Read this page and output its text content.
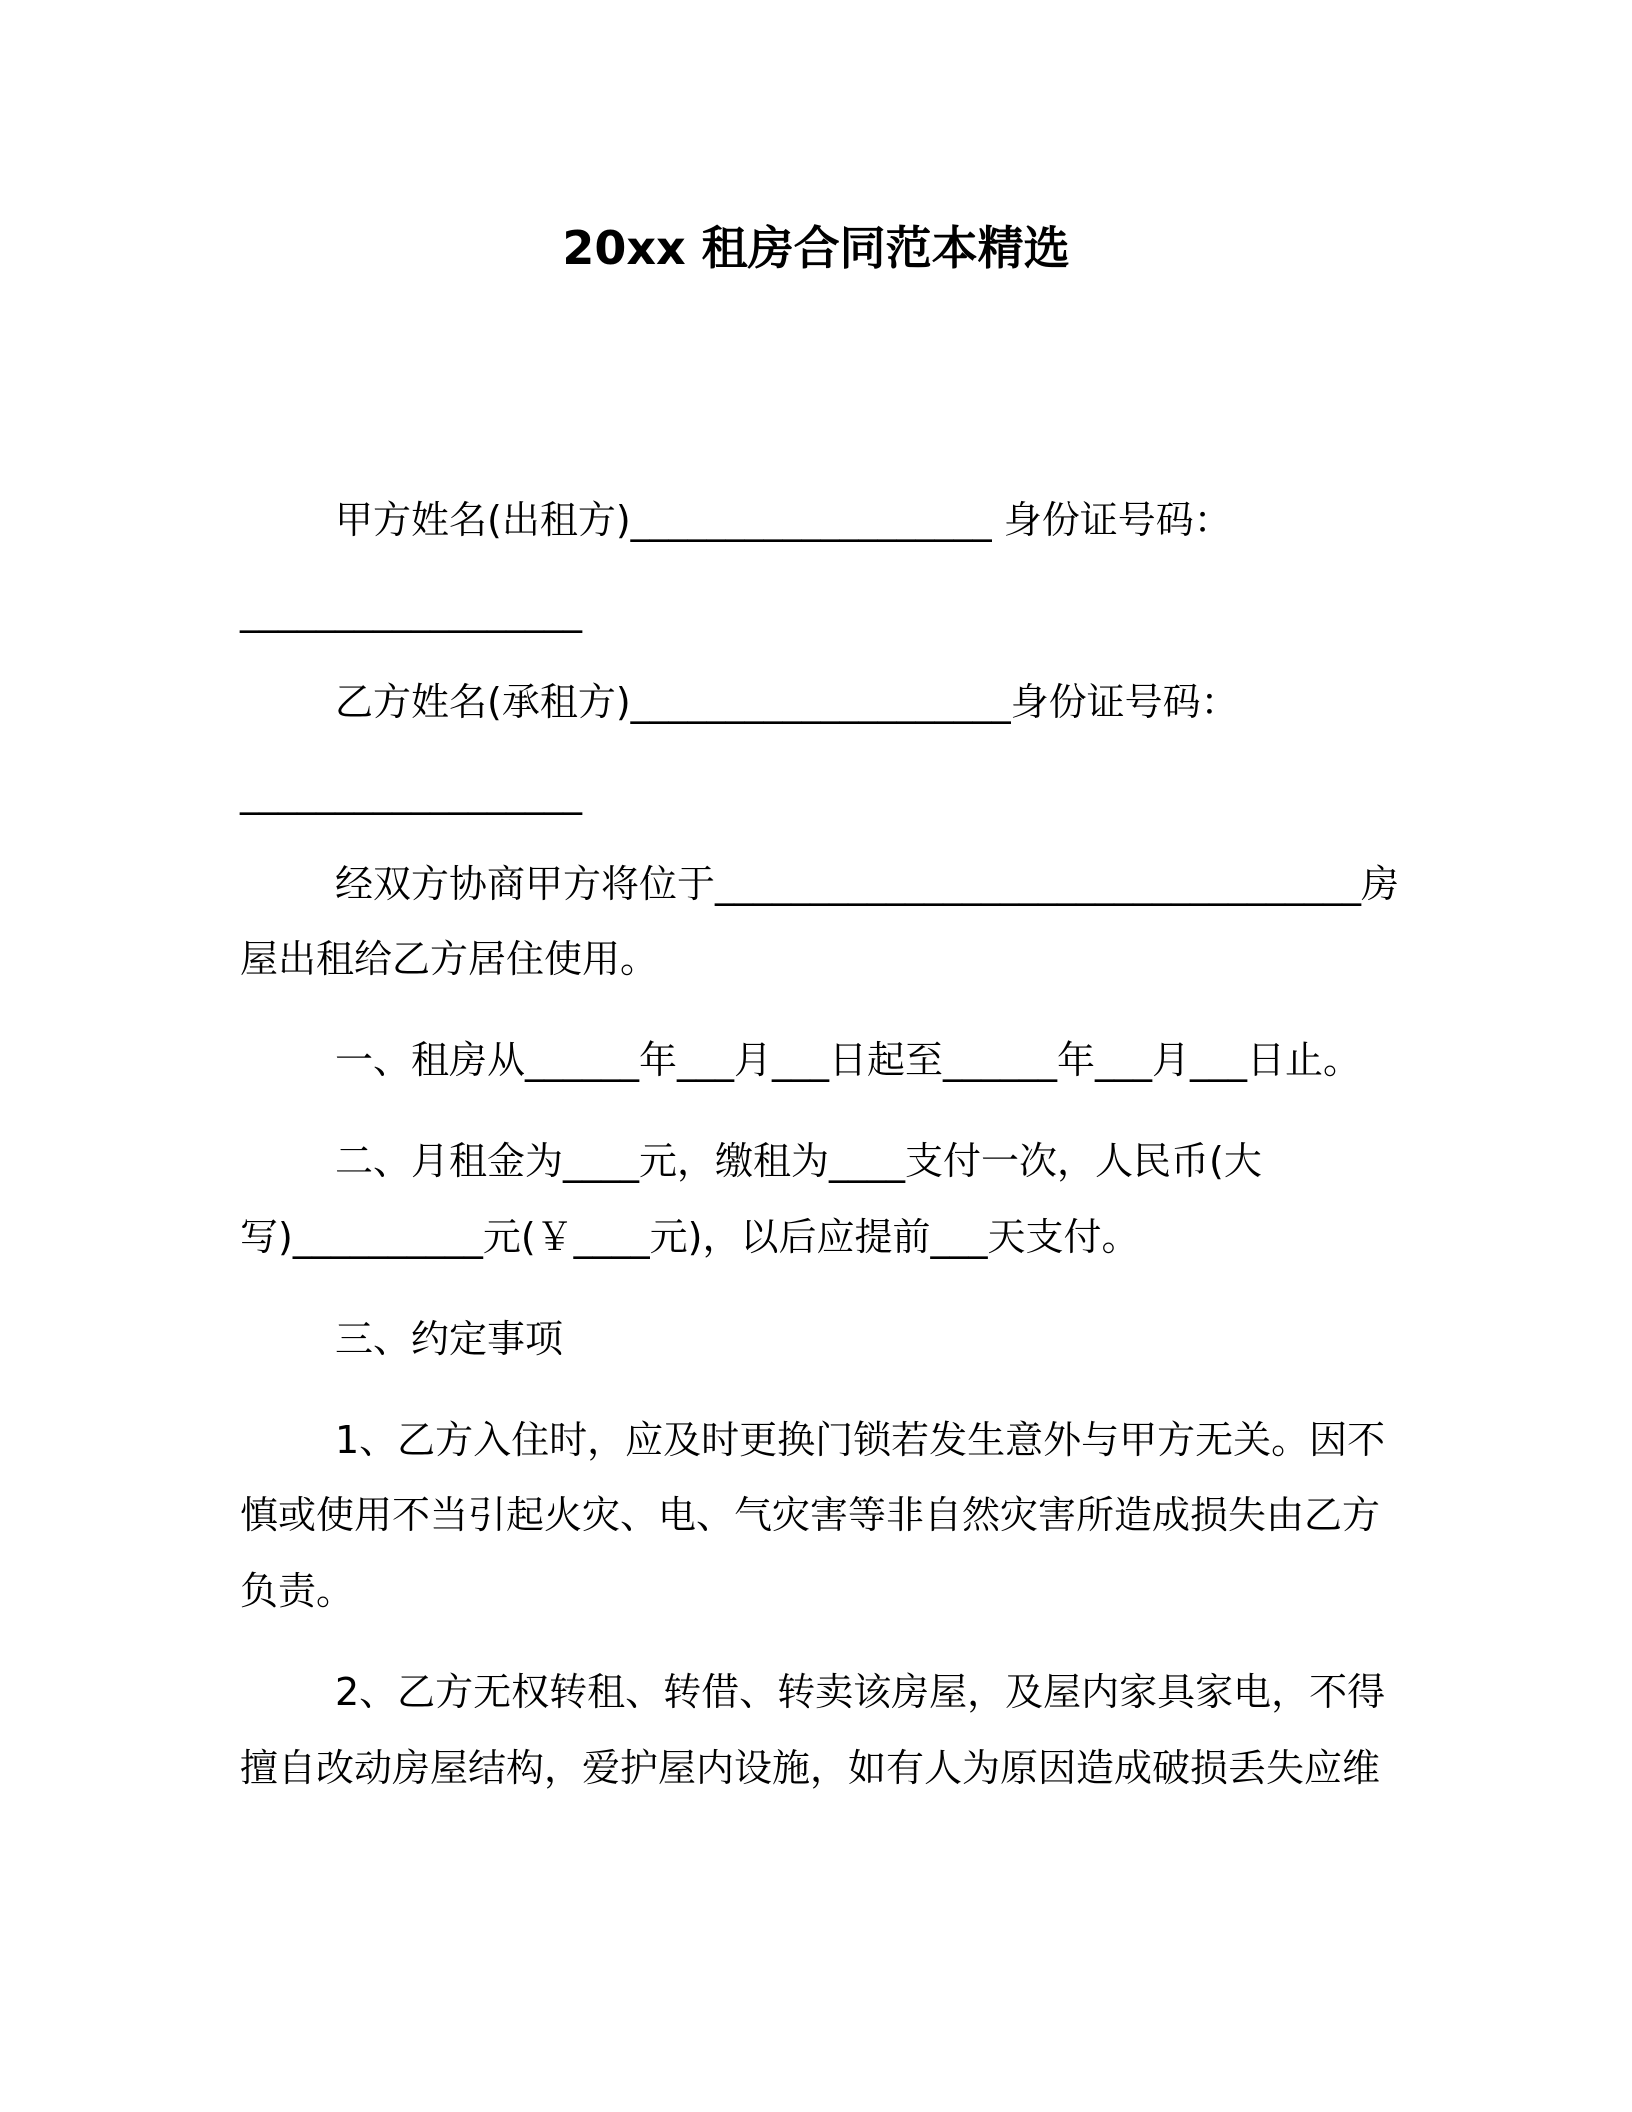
20xx 租房合同范本精选
甲方姓名(出租方)___________________ 身份证号码：
__________________
乙方姓名(承租方)____________________身份证号码：
__________________
经双方协商甲方将位于__________________________________房
屋出租给乙方居住使用。
一、租房从______年___月___日起至______年___月___日止。
二、月租金为____元，缴租为____支付一次，人民币(大
写)__________元(￥____元)，以后应提前___天支付。
三、约定事项
1、乙方入住时，应及时更换门锁若发生意外与甲方无关。因不
慎或使用不当引起火灾、电、气灾害等非自然灾害所造成损失由乙方
负责。
2、乙方无权转租、转借、转卖该房屋，及屋内家具家电，不得
擅自改动房屋结构，爱护屋内设施，如有人为原因造成破损丢失应维
